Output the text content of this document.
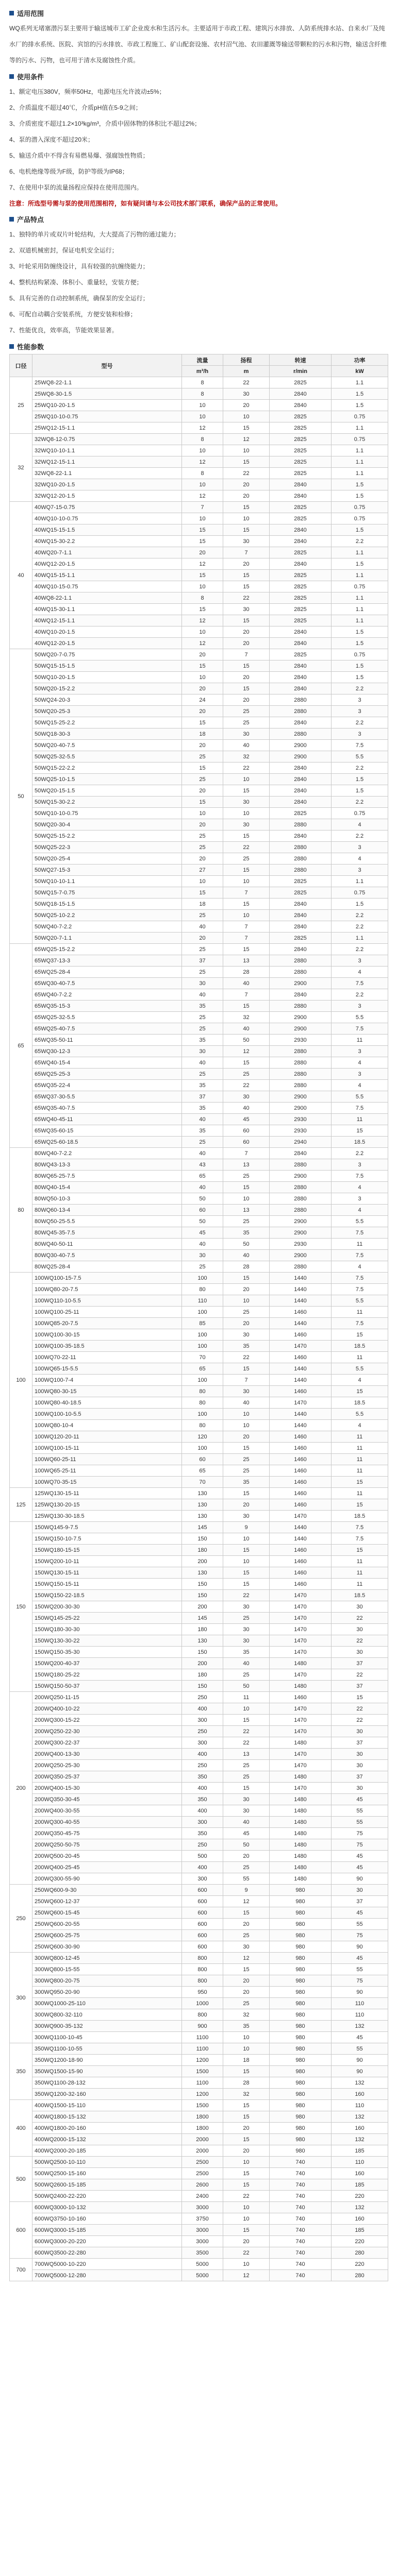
适用范围

WQ系列无堵塞潜污泵主要用于输送城市工矿企业废水和生活污水。主要适用于市政工程、建筑污水排放、人防系统排水站、自来水厂及纯水厂的排水系统、医院、宾馆的污水排放、市政工程施工、矿山配套设施、农村沼气池、农田灌溉等输送带颗粒的污水和污物，输送含纤维等的污水、污物，也可用于清水及腐蚀性介质。

使用条件
1、额定电压380V，频率50Hz，电源电压允许波动±5%；
2、介质温度不超过40℃，介质pH值在5-9之间；
3、介质密度不超过1.2×10³kg/m³，介质中固体物的体积比不超过2%；
4、泵的潜入深度不超过20米；
5、输送介质中不得含有易燃易爆、强腐蚀性物质；
6、电机绝缘等级为F级，防护等级为IP68；
7、在使用中泵的流量扬程应保持在使用范围内。

注意：所选型号需与泵的使用范围相符，如有疑问请与本公司技术部门联系，确保产品的正常使用。

产品特点
1、独特的单片或双片叶轮结构，大大提高了污物的通过能力；
2、双道机械密封，保证电机安全运行；
3、叶轮采用防缠绕设计，具有较强的抗缠绕能力；
4、整机结构紧凑、体积小、重量轻，安装方便；
5、具有完善的自动控制系统，确保泵的安全运行；
6、可配自动耦合安装系统，方便安装和检修；
7、性能优良，效率高，节能效果显著。
性能参数
口径	型号	流量	扬程	转速	功率
		m³/h	m	r/min	kW
25	25WQ8-22-1.1	8	22	2825	1.1
	25WQ8-30-1.5	8	30	2840	1.5
	25WQ10-20-1.5	10	20	2840	1.5
	25WQ10-10-0.75	10	10	2825	0.75
	25WQ12-15-1.1	12	15	2825	1.1
32	32WQ8-12-0.75	8	12	2825	0.75
	32WQ10-10-1.1	10	10	2825	1.1
	32WQ12-15-1.1	12	15	2825	1.1
	32WQ8-22-1.1	8	22	2825	1.1
	32WQ10-20-1.5	10	20	2840	1.5
	32WQ12-20-1.5	12	20	2840	1.5
40	40WQ7-15-0.75	7	15	2825	0.75
	40WQ10-10-0.75	10	10	2825	0.75
	40WQ15-15-1.5	15	15	2840	1.5
	40WQ15-30-2.2	15	30	2840	2.2
	40WQ20-7-1.1	20	7	2825	1.1
	40WQ12-20-1.5	12	20	2840	1.5
	40WQ15-15-1.1	15	15	2825	1.1
	40WQ10-15-0.75	10	15	2825	0.75
	40WQ8-22-1.1	8	22	2825	1.1
	40WQ15-30-1.1	15	30	2825	1.1
	40WQ12-15-1.1	12	15	2825	1.1
	40WQ10-20-1.5	10	20	2840	1.5
	40WQ12-20-1.5	12	20	2840	1.5
50	50WQ20-7-0.75	20	7	2825	0.75
	50WQ15-15-1.5	15	15	2840	1.5
	50WQ10-20-1.5	10	20	2840	1.5
	50WQ20-15-2.2	20	15	2840	2.2
	50WQ24-20-3	24	20	2880	3
	50WQ20-25-3	20	25	2880	3
	50WQ15-25-2.2	15	25	2840	2.2
	50WQ18-30-3	18	30	2880	3
	50WQ20-40-7.5	20	40	2900	7.5
	50WQ25-32-5.5	25	32	2900	5.5
	50WQ15-22-2.2	15	22	2840	2.2
	50WQ25-10-1.5	25	10	2840	1.5
	50WQ20-15-1.5	20	15	2840	1.5
	50WQ15-30-2.2	15	30	2840	2.2
	50WQ10-10-0.75	10	10	2825	0.75
	50WQ20-30-4	20	30	2880	4
	50WQ25-15-2.2	25	15	2840	2.2
	50WQ25-22-3	25	22	2880	3
	50WQ20-25-4	20	25	2880	4
	50WQ27-15-3	27	15	2880	3
	50WQ10-10-1.1	10	10	2825	1.1
	50WQ15-7-0.75	15	7	2825	0.75
	50WQ18-15-1.5	18	15	2840	1.5
	50WQ25-10-2.2	25	10	2840	2.2
	50WQ40-7-2.2	40	7	2840	2.2
	50WQ20-7-1.1	20	7	2825	1.1
65	65WQ25-15-2.2	25	15	2840	2.2
	65WQ37-13-3	37	13	2880	3
	65WQ25-28-4	25	28	2880	4
	65WQ30-40-7.5	30	40	2900	7.5
	65WQ40-7-2.2	40	7	2840	2.2
	65WQ35-15-3	35	15	2880	3
	65WQ25-32-5.5	25	32	2900	5.5
	65WQ25-40-7.5	25	40	2900	7.5
	65WQ35-50-11	35	50	2930	11
	65WQ30-12-3	30	12	2880	3
	65WQ40-15-4	40	15	2880	4
	65WQ25-25-3	25	25	2880	3
	65WQ35-22-4	35	22	2880	4
	65WQ37-30-5.5	37	30	2900	5.5
	65WQ35-40-7.5	35	40	2900	7.5
	65WQ40-45-11	40	45	2930	11
	65WQ35-60-15	35	60	2930	15
	65WQ25-60-18.5	25	60	2940	18.5
80	80WQ40-7-2.2	40	7	2840	2.2
	80WQ43-13-3	43	13	2880	3
	80WQ65-25-7.5	65	25	2900	7.5
	80WQ40-15-4	40	15	2880	4
	80WQ50-10-3	50	10	2880	3
	80WQ60-13-4	60	13	2880	4
	80WQ50-25-5.5	50	25	2900	5.5
	80WQ45-35-7.5	45	35	2900	7.5
	80WQ40-50-11	40	50	2930	11
	80WQ30-40-7.5	30	40	2900	7.5
	80WQ25-28-4	25	28	2880	4
100	100WQ100-15-7.5	100	15	1440	7.5
	100WQ80-20-7.5	80	20	1440	7.5
	100WQ110-10-5.5	110	10	1440	5.5
	100WQ100-25-11	100	25	1460	11
	100WQ85-20-7.5	85	20	1440	7.5
	100WQ100-30-15	100	30	1460	15
	100WQ100-35-18.5	100	35	1470	18.5
	100WQ70-22-11	70	22	1460	11
	100WQ65-15-5.5	65	15	1440	5.5
	100WQ100-7-4	100	7	1440	4
	100WQ80-30-15	80	30	1460	15
	100WQ80-40-18.5	80	40	1470	18.5
	100WQ100-10-5.5	100	10	1440	5.5
	100WQ80-10-4	80	10	1440	4
	100WQ120-20-11	120	20	1460	11
	100WQ100-15-11	100	15	1460	11
	100WQ60-25-11	60	25	1460	11
	100WQ65-25-11	65	25	1460	11
	100WQ70-35-15	70	35	1460	15
125	125WQ130-15-11	130	15	1460	11
	125WQ130-20-15	130	20	1460	15
	125WQ130-30-18.5	130	30	1470	18.5
150	150WQ145-9-7.5	145	9	1440	7.5
	150WQ150-10-7.5	150	10	1440	7.5
	150WQ180-15-15	180	15	1460	15
	150WQ200-10-11	200	10	1460	11
	150WQ130-15-11	130	15	1460	11
	150WQ150-15-11	150	15	1460	11
	150WQ150-22-18.5	150	22	1470	18.5
	150WQ200-30-30	200	30	1470	30
	150WQ145-25-22	145	25	1470	22
	150WQ180-30-30	180	30	1470	30
	150WQ130-30-22	130	30	1470	22
	150WQ150-35-30	150	35	1470	30
	150WQ200-40-37	200	40	1480	37
	150WQ180-25-22	180	25	1470	22
	150WQ150-50-37	150	50	1480	37
200	200WQ250-11-15	250	11	1460	15
	200WQ400-10-22	400	10	1470	22
	200WQ300-15-22	300	15	1470	22
	200WQ250-22-30	250	22	1470	30
	200WQ300-22-37	300	22	1480	37
	200WQ400-13-30	400	13	1470	30
	200WQ250-25-30	250	25	1470	30
	200WQ350-25-37	350	25	1480	37
	200WQ400-15-30	400	15	1470	30
	200WQ350-30-45	350	30	1480	45
	200WQ400-30-55	400	30	1480	55
	200WQ300-40-55	300	40	1480	55
	200WQ350-45-75	350	45	1480	75
	200WQ250-50-75	250	50	1480	75
	200WQ500-20-45	500	20	1480	45
	200WQ400-25-45	400	25	1480	45
	200WQ300-55-90	300	55	1480	90
250	250WQ600-9-30	600	9	980	30
	250WQ600-12-37	600	12	980	37
	250WQ600-15-45	600	15	980	45
	250WQ600-20-55	600	20	980	55
	250WQ600-25-75	600	25	980	75
	250WQ600-30-90	600	30	980	90
300	300WQ800-12-45	800	12	980	45
	300WQ800-15-55	800	15	980	55
	300WQ800-20-75	800	20	980	75
	300WQ950-20-90	950	20	980	90
	300WQ1000-25-110	1000	25	980	110
	300WQ800-32-110	800	32	980	110
	300WQ900-35-132	900	35	980	132
	300WQ1100-10-45	1100	10	980	45
350	350WQ1100-10-55	1100	10	980	55
	350WQ1200-18-90	1200	18	980	90
	350WQ1500-15-90	1500	15	980	90
	350WQ1100-28-132	1100	28	980	132
	350WQ1200-32-160	1200	32	980	160
400	400WQ1500-15-110	1500	15	980	110
	400WQ1800-15-132	1800	15	980	132
	400WQ1800-20-160	1800	20	980	160
	400WQ2000-15-132	2000	15	980	132
	400WQ2000-20-185	2000	20	980	185
500	500WQ2500-10-110	2500	10	740	110
	500WQ2500-15-160	2500	15	740	160
	500WQ2600-15-185	2600	15	740	185
	500WQ2400-22-220	2400	22	740	220
600	600WQ3000-10-132	3000	10	740	132
	600WQ3750-10-160	3750	10	740	160
	600WQ3000-15-185	3000	15	740	185
	600WQ3000-20-220	3000	20	740	220
	600WQ3500-22-280	3500	22	740	280
700	700WQ5000-10-220	5000	10	740	220
	700WQ5000-12-280	5000	12	740	280
